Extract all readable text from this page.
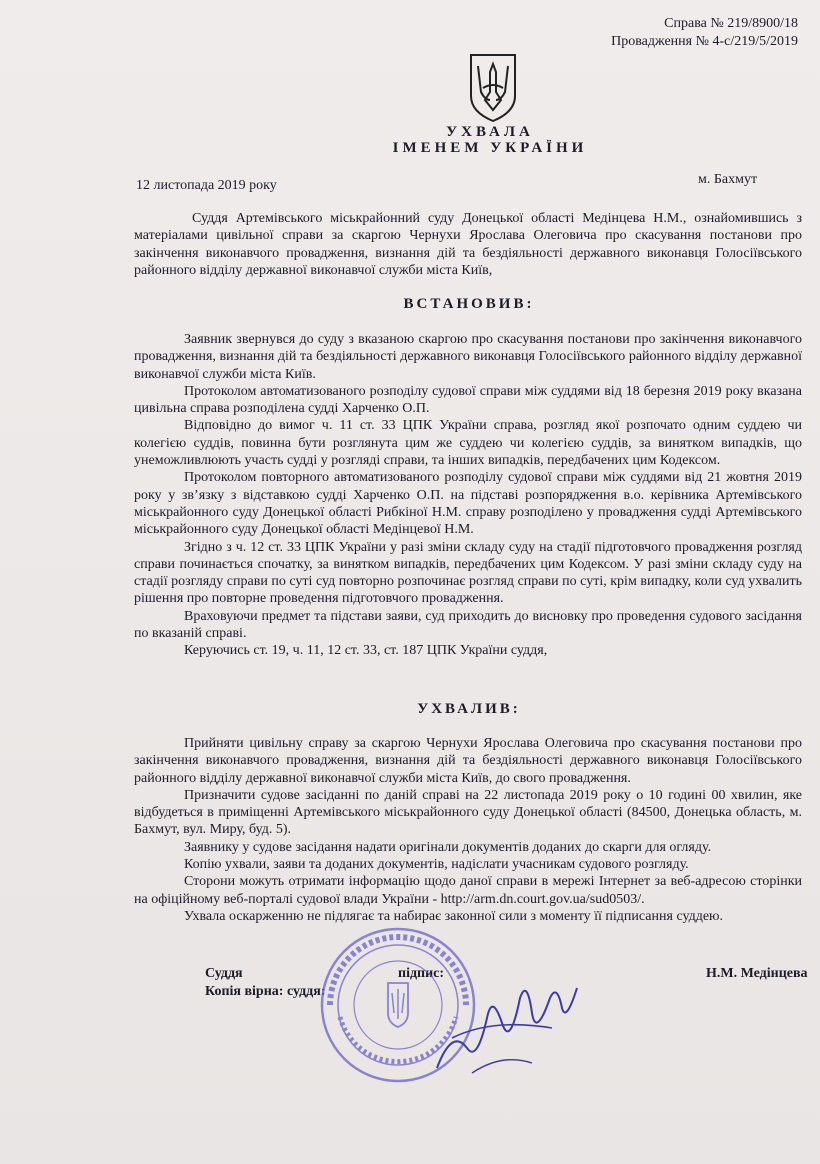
Справа № 219/8900/18
Провадження № 4-с/219/5/2019
УХВАЛА
ІМЕНЕМ УКРАЇНИ
12 листопада 2019 року	м. Бахмут

Суддя Артемівського міськрайонний суду Донецької області Медінцева Н.М., ознайомившись з матеріалами цивільної справи за скаргою Чернухи Ярослава Олеговича про скасування постанови про закінчення виконавчого провадження, визнання дій та бездіяльності державного виконавця Голосіївського районного відділу державної виконавчої служби міста Київ,

ВСТАНОВИВ:

Заявник звернувся до суду з вказаною скаргою про скасування постанови про закінчення виконавчого провадження, визнання дій та бездіяльності державного виконавця Голосіївського районного відділу державної виконавчої служби міста Київ.

Протоколом автоматизованого розподілу судової справи між суддями від 18 березня 2019 року вказана цивільна справа розподілена судді Харченко О.П.

Відповідно до вимог ч. 11 ст. 33 ЦПК України справа, розгляд якої розпочато одним суддею чи колегією суддів, повинна бути розглянута цим же суддею чи колегією суддів, за винятком випадків, що унеможливлюють участь судді у розгляді справи, та інших випадків, передбачених цим Кодексом.

Протоколом повторного автоматизованого розподілу судової справи між суддями від 21 жовтня 2019 року у зв’язку з відставкою судді Харченко О.П. на підставі розпорядження в.о. керівника Артемівського міськрайонного суду Донецької області Рибкіної Н.М. справу розподілено у провадження судді Артемівського міськрайонного суду Донецької області Медінцевої Н.М.

Згідно з ч. 12 ст. 33 ЦПК України у разі зміни складу суду на стадії підготовчого провадження розгляд справи починається спочатку, за винятком випадків, передбачених цим Кодексом. У разі зміни складу суду на стадії розгляду справи по суті суд повторно розпочинає розгляд справи по суті, крім випадку, коли суд ухвалить рішення про повторне проведення підготовчого провадження.

Враховуючи предмет та підстави заяви, суд приходить до висновку про проведення судового засідання по вказаній справі.

Керуючись ст. 19, ч. 11, 12 ст. 33, ст. 187 ЦПК України суддя,

УХВАЛИВ:

Прийняти цивільну справу за скаргою Чернухи Ярослава Олеговича про скасування постанови про закінчення виконавчого провадження, визнання дій та бездіяльності державного виконавця Голосіївського районного відділу державної виконавчої служби міста Київ, до свого провадження.

Призначити судове засіданні по даній справі на 22 листопада 2019 року о 10 годині 00 хвилин, яке відбудеться в приміщенні Артемівського міськрайонного суду Донецької області (84500, Донецька область, м. Бахмут, вул. Миру, буд. 5).

Заявнику у судове засідання надати оригінали документів доданих до скарги для огляду.

Копію ухвали, заяви та доданих документів, надіслати учасникам судового розгляду.

Сторони можуть отримати інформацію щодо даної справи в мережі Інтернет за веб-адресою сторінки на офіційному веб-порталі судової влади України - http://arm.dn.court.gov.ua/sud0503/.

Ухвала оскарженню не підлягає та набирає законної сили з моменту її підписання суддею.

Суддя
Копія вірна: суддя:
підпис:	Н.М. Медінцева
